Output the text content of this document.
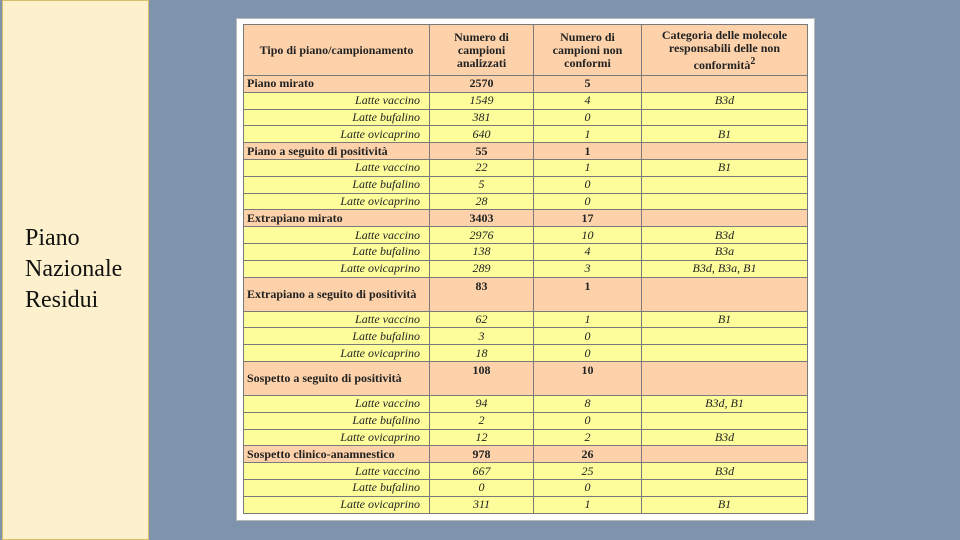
Piano
Nazionale
Residui
Tipo di piano/campionamento	Numero di campioni analizzati	Numero di campioni non conformi	Categoria delle molecole responsabili delle non conformità$^2$
Piano mirato	2570	5	
Latte vaccino	1549	4	B3d
Latte bufalino	381	0	
Latte ovicaprino	640	1	B1
Piano a seguito di positività	55	1	
Latte vaccino	22	1	B1
Latte bufalino	5	0	
Latte ovicaprino	28	0	
Extrapiano mirato	3403	17	
Latte vaccino	2976	10	B3d
Latte bufalino	138	4	B3a
Latte ovicaprino	289	3	B3d, B3a, B1
Extrapiano a seguito di positività	83	1	
Latte vaccino	62	1	B1
Latte bufalino	3	0	
Latte ovicaprino	18	0	
Sospetto a seguito di positività	108	10	
Latte vaccino	94	8	B3d, B1
Latte bufalino	2	0	
Latte ovicaprino	12	2	B3d
Sospetto clinico-anamnestico	978	26	
Latte vaccino	667	25	B3d
Latte bufalino	0	0	
Latte ovicaprino	311	1	B1
